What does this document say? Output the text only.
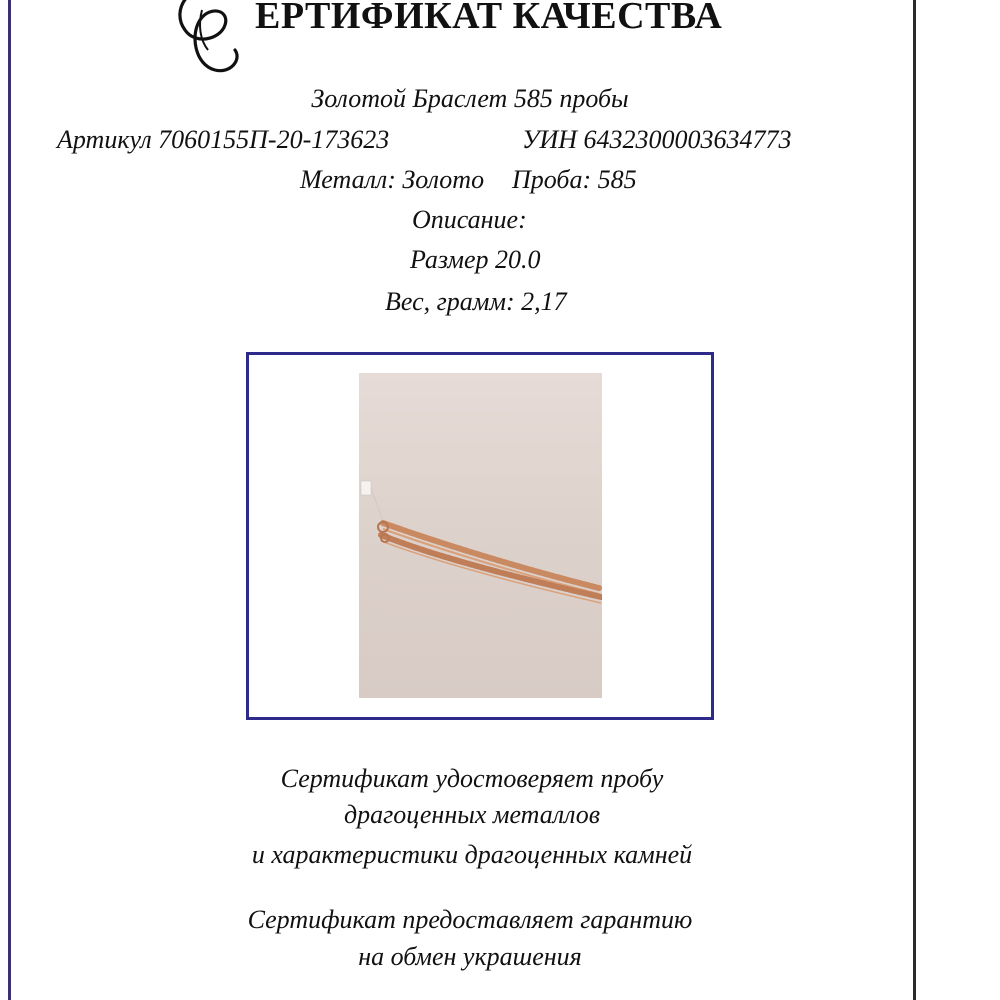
ЕРТИФИКАТ КАЧЕСТВА
Золотой Браслет 585 пробы
Артикул 7060155П-20-173623	УИН 6432300003634773
Металл: Золото Проба: 585
Описание:
Размер 20.0
Вес, грамм: 2,17
Сертификат удостоверяет пробу
драгоценных металлов
и характеристики драгоценных камней
Сертификат предоставляет гарантию
на обмен украшения
